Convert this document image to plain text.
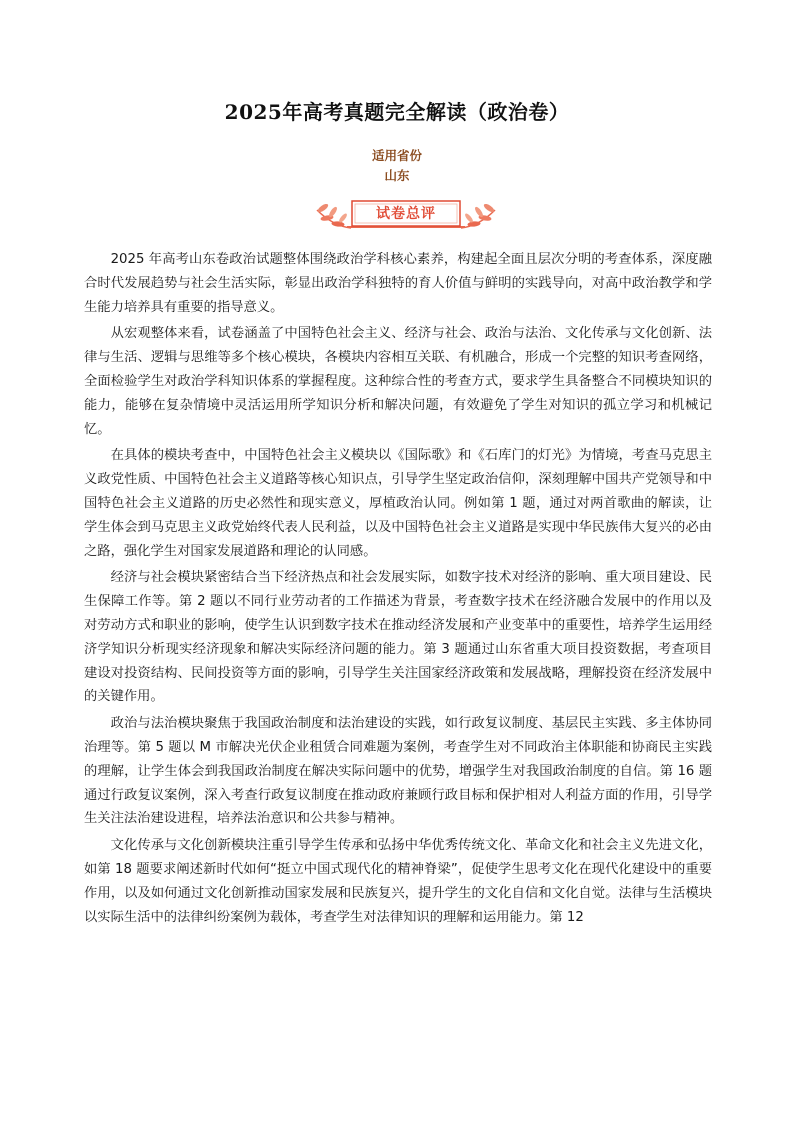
2025年高考真题完全解读（政治卷）
适用省份
山东
试卷总评

2025 年高考山东卷政治试题整体围绕政治学科核心素养，构建起全面且层次分明的考查体系，深度融合时代发展趋势与社会生活实际，彰显出政治学科独特的育人价值与鲜明的实践导向，对高中政治教学和学生能力培养具有重要的指导意义。

从宏观整体来看，试卷涵盖了中国特色社会主义、经济与社会、政治与法治、文化传承与文化创新、法律与生活、逻辑与思维等多个核心模块，各模块内容相互关联、有机融合，形成一个完整的知识考查网络，全面检验学生对政治学科知识体系的掌握程度。这种综合性的考查方式，要求学生具备整合不同模块知识的能力，能够在复杂情境中灵活运用所学知识分析和解决问题，有效避免了学生对知识的孤立学习和机械记忆。

在具体的模块考查中，中国特色社会主义模块以《国际歌》和《石库门的灯光》为情境，考查马克思主义政党性质、中国特色社会主义道路等核心知识点，引导学生坚定政治信仰，深刻理解中国共产党领导和中国特色社会主义道路的历史必然性和现实意义，厚植政治认同。例如第 1 题，通过对两首歌曲的解读，让学生体会到马克思主义政党始终代表人民利益，以及中国特色社会主义道路是实现中华民族伟大复兴的必由之路，强化学生对国家发展道路和理论的认同感。

经济与社会模块紧密结合当下经济热点和社会发展实际，如数字技术对经济的影响、重大项目建设、民生保障工作等。第 2 题以不同行业劳动者的工作描述为背景，考查数字技术在经济融合发展中的作用以及对劳动方式和职业的影响，使学生认识到数字技术在推动经济发展和产业变革中的重要性，培养学生运用经济学知识分析现实经济现象和解决实际经济问题的能力。第 3 题通过山东省重大项目投资数据，考查项目建设对投资结构、民间投资等方面的影响，引导学生关注国家经济政策和发展战略，理解投资在经济发展中的关键作用。

政治与法治模块聚焦于我国政治制度和法治建设的实践，如行政复议制度、基层民主实践、多主体协同治理等。第 5 题以 M 市解决光伏企业租赁合同难题为案例，考查学生对不同政治主体职能和协商民主实践的理解，让学生体会到我国政治制度在解决实际问题中的优势，增强学生对我国政治制度的自信。第 16 题通过行政复议案例，深入考查行政复议制度在推动政府兼顾行政目标和保护相对人利益方面的作用，引导学生关注法治建设进程，培养法治意识和公共参与精神。

文化传承与文化创新模块注重引导学生传承和弘扬中华优秀传统文化、革命文化和社会主义先进文化，如第 18 题要求阐述新时代如何“挺立中国式现代化的精神脊梁”，促使学生思考文化在现代化建设中的重要作用，以及如何通过文化创新推动国家发展和民族复兴，提升学生的文化自信和文化自觉。法律与生活模块以实际生活中的法律纠纷案例为载体，考查学生对法律知识的理解和运用能力。第 12
